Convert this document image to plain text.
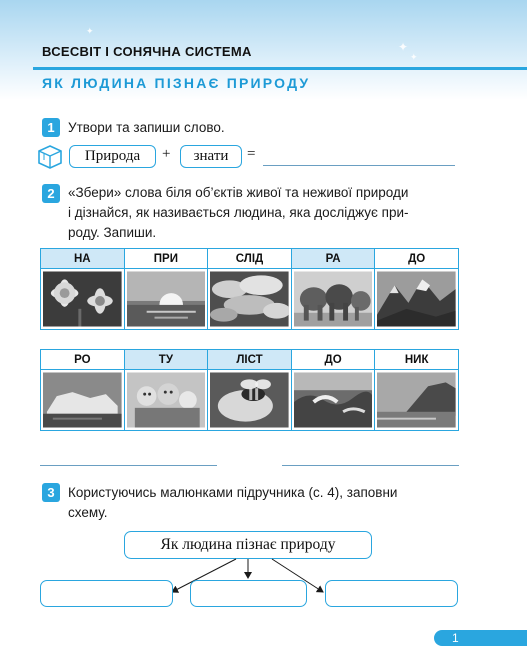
✦
✦
✦
ВСЕСВІТ І СОНЯЧНА СИСТЕМА
ЯК ЛЮДИНА ПІЗНАЄ ПРИРОДУ
1 Утвори та запиши слово.
Природа	+	знати	=
2 «Збери» слова біля об’єктів живої та неживої природи
і дізнайся, як називається людина, яка досліджує при-
роду. Запиши.
НА	ПРИ	СЛІД	РА	ДО
РО	ТУ	ЛІСТ	ДО	НИК
3 Користуючись малюнками підручника (с. 4), заповни
схему.
Як людина пізнає природу
1
